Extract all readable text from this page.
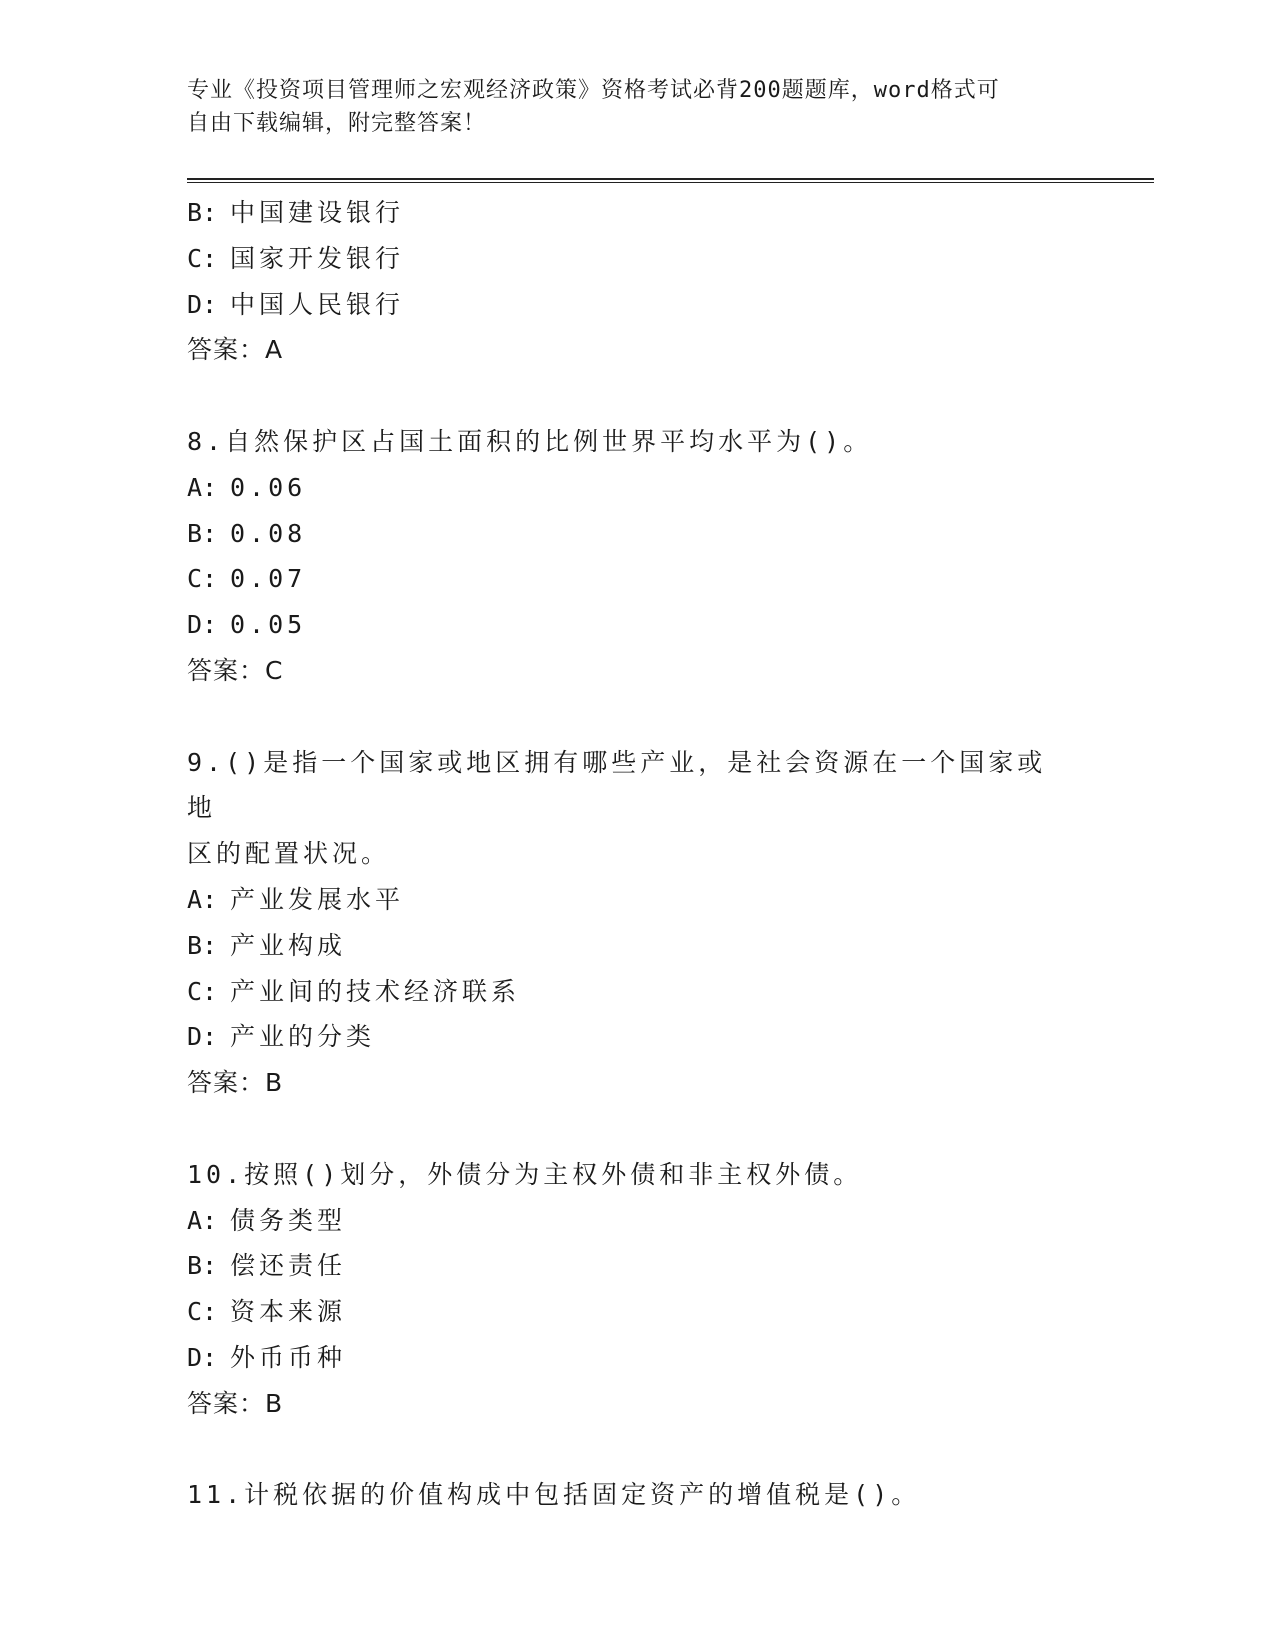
专业《投资项目管理师之宏观经济政策》资格考试必背200题题库，word格式可
自由下载编辑，附完整答案！
B: 中国建设银行
C: 国家开发银行
D: 中国人民银行
答案：A
8.自然保护区占国土面积的比例世界平均水平为()。
A: 0.06
B: 0.08
C: 0.07
D: 0.05
答案：C
9.()是指一个国家或地区拥有哪些产业，是社会资源在一个国家或地
区的配置状况。
A: 产业发展水平
B: 产业构成
C: 产业间的技术经济联系
D: 产业的分类
答案：B
10.按照()划分，外债分为主权外债和非主权外债。
A: 债务类型
B: 偿还责任
C: 资本来源
D: 外币币种
答案：B
11.计税依据的价值构成中包括固定资产的增值税是()。
